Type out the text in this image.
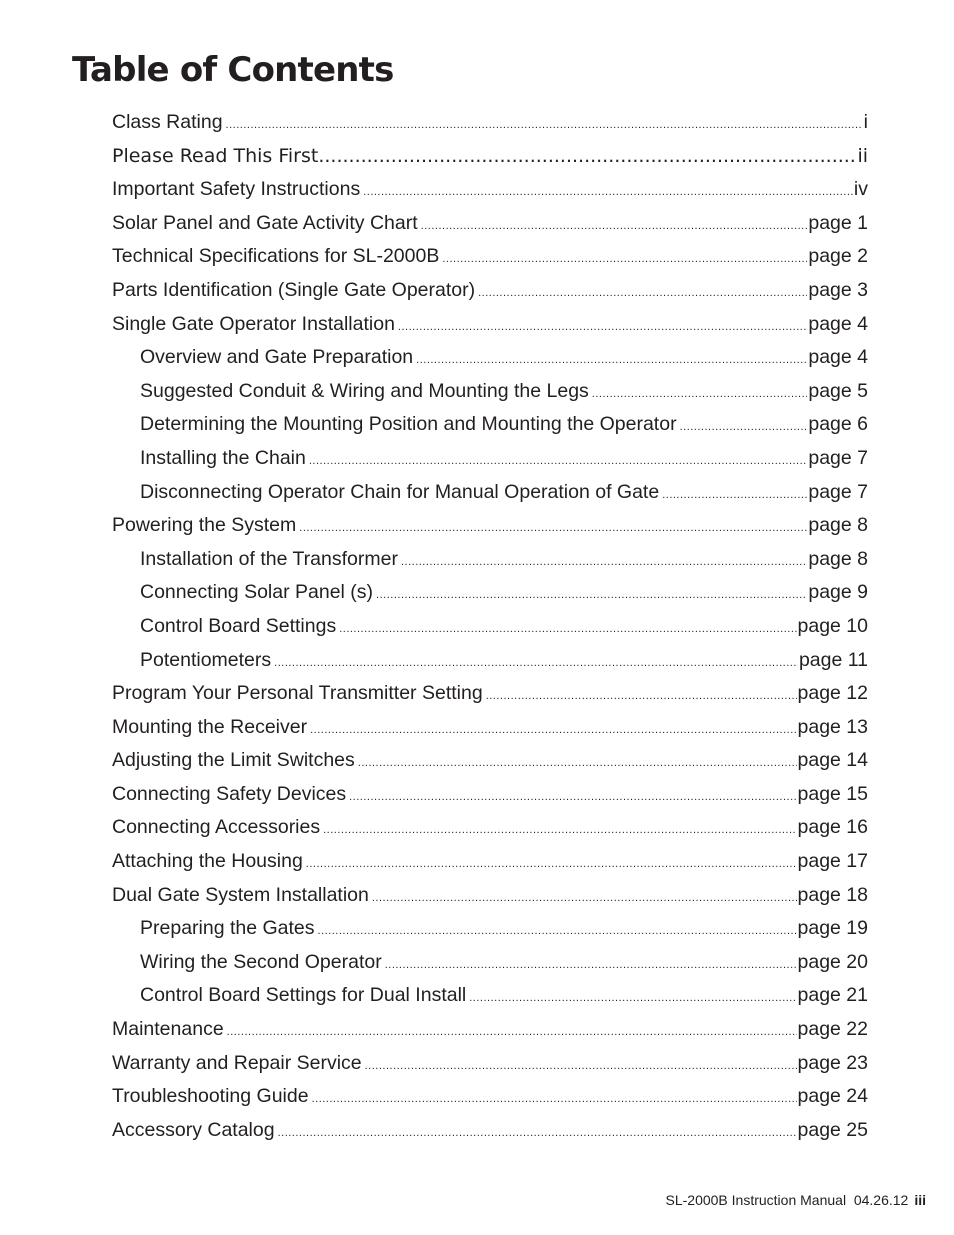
Table of Contents
Class Rating .....	i
Please Read This First .....	ii
Important Safety Instructions .....	iv
Solar Panel and Gate Activity Chart .....	page 1
Technical Specifications for SL-2000B .....	page 2
Parts Identification (Single Gate Operator) .....	page 3
Single Gate Operator Installation .....	page 4
Overview and Gate Preparation .....	page 4
Suggested Conduit & Wiring and Mounting the Legs .....	page 5
Determining the Mounting Position and Mounting the Operator .....	page 6
Installing the Chain .....	page 7
Disconnecting Operator Chain for Manual Operation of Gate .....	page 7
Powering the System .....	page 8
Installation of the Transformer .....	page 8
Connecting Solar Panel (s) .....	page 9
Control Board Settings .....	page 10
Potentiometers .....	page 11
Program Your Personal Transmitter Setting .....	page 12
Mounting the Receiver .....	page 13
Adjusting the Limit Switches .....	page 14
Connecting Safety Devices .....	page 15
Connecting Accessories .....	page 16
Attaching the Housing .....	page 17
Dual Gate System Installation .....	page 18
Preparing the Gates .....	page 19
Wiring the Second Operator .....	page 20
Control Board Settings for Dual Install .....	page 21
Maintenance .....	page 22
Warranty and Repair Service .....	page 23
Troubleshooting Guide .....	page 24
Accessory Catalog .....	page 25
SL-2000B Instruction Manual  04.26.12 iii
